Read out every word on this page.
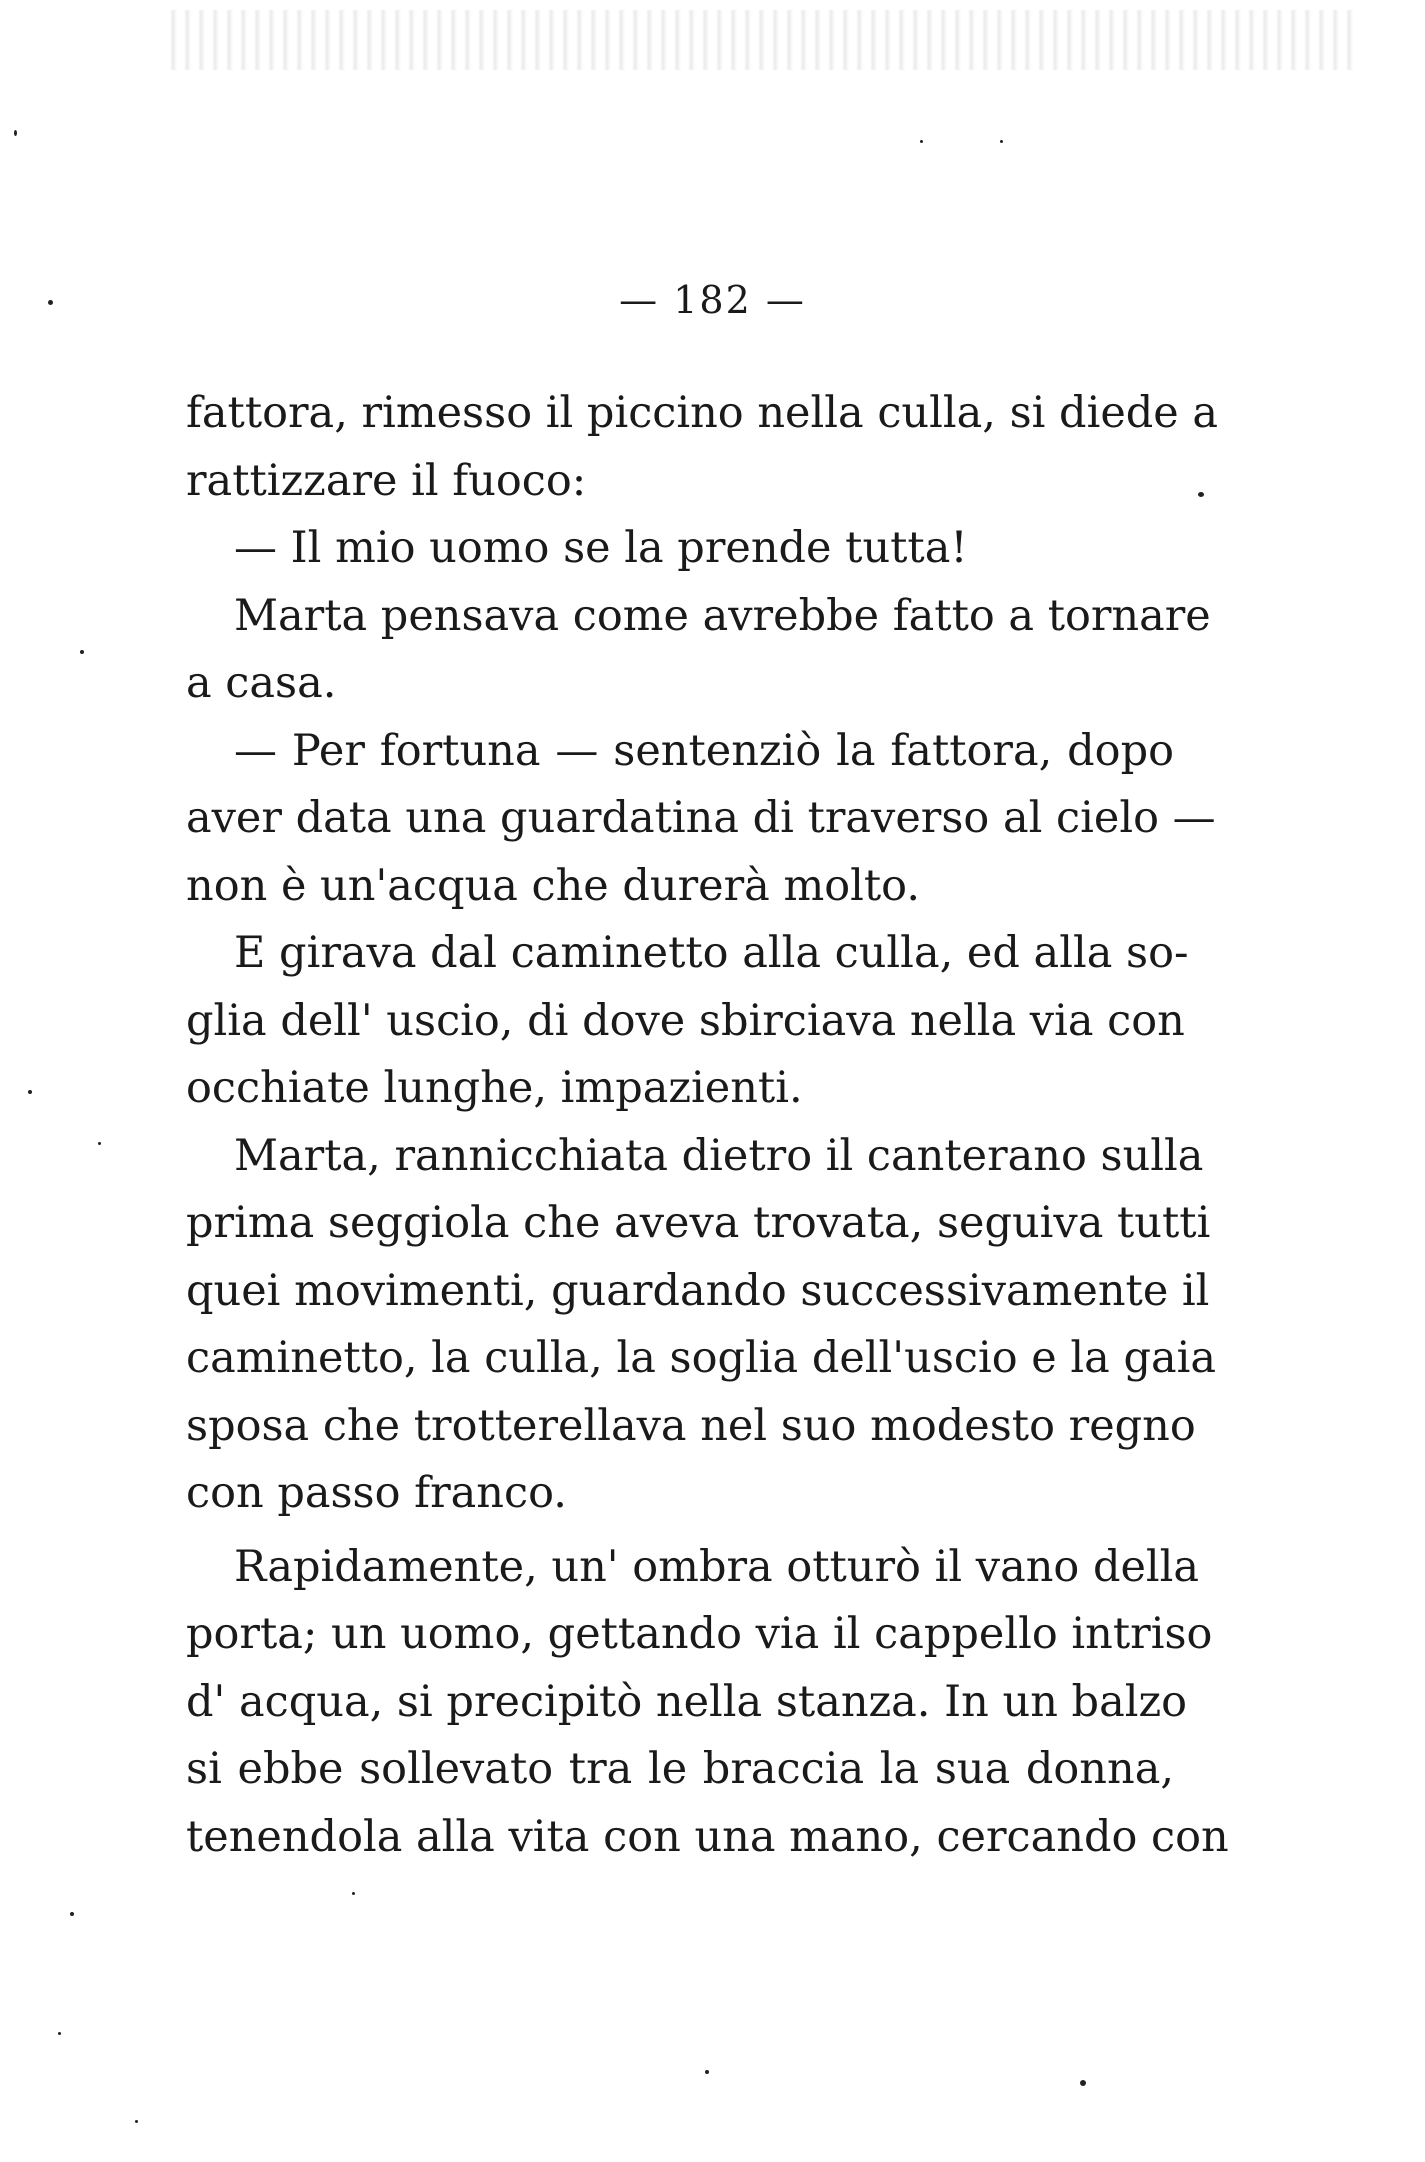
— 182 —

fattora, rimesso il piccino nella culla, si diede a
rattizzare il fuoco:

— Il mio uomo se la prende tutta!

Marta pensava come avrebbe fatto a tornare
a casa.

— Per fortuna — sentenziò la fattora, dopo
aver data una guardatina di traverso al cielo —
non è un'acqua che durerà molto.

E girava dal caminetto alla culla, ed alla so-
glia dell' uscio, di dove sbirciava nella via con
occhiate lunghe, impazienti.

Marta, rannicchiata dietro il canterano sulla
prima seggiola che aveva trovata, seguiva tutti
quei movimenti, guardando successivamente il
caminetto, la culla, la soglia dell'uscio e la gaia
sposa che trotterellava nel suo modesto regno
con passo franco.

Rapidamente, un' ombra otturò il vano della
porta; un uomo, gettando via il cappello intriso
d' acqua, si precipitò nella stanza. In un balzo
si ebbe sollevato tra le braccia la sua donna,
tenendola alla vita con una mano, cercando con
